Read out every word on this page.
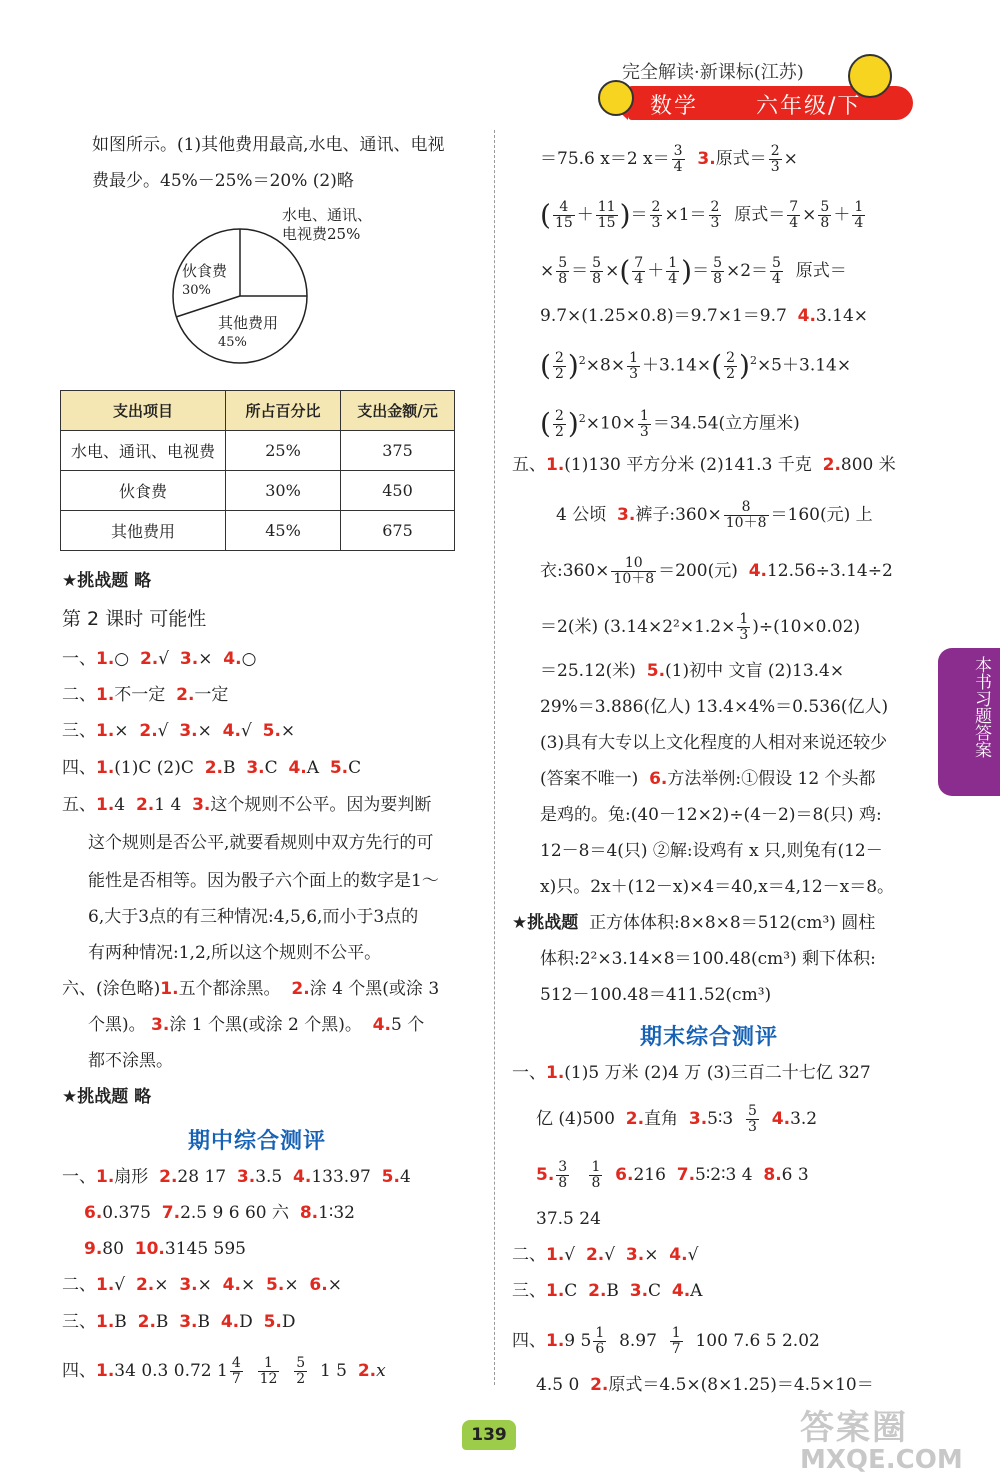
完全解读·新课标(江苏)
数学	六年级/下
如图所示。(1)其他费用最高,水电、通讯、电视
费最少。45%－25%＝20% (2)略
水电、通讯、
电视费25%
伙食费
30%
其他费用
45%
支出项目	所占百分比	支出金额/元
水电、通讯、电视费	25%	375
伙食费	30%	450
其他费用	45%	675
★挑战题 略
第 2 课时 可能性
一、1.○ 2.√ 3.× 4.○
二、1.不一定 2.一定
三、1.× 2.√ 3.× 4.√ 5.×
四、1.(1)C (2)C 2.B 3.C 4.A 5.C
五、1.4 2.1 4 3.这个规则不公平。因为要判断
这个规则是否公平,就要看规则中双方先行的可
能性是否相等。因为骰子六个面上的数字是1～
6,大于3点的有三种情况:4,5,6,而小于3点的
有两种情况:1,2,所以这个规则不公平。
六、(涂色略)1.五个都涂黑。 2.涂 4 个黑(或涂 3
个黑)。 3.涂 1 个黑(或涂 2 个黑)。 4.5 个
都不涂黑。
★挑战题 略
期中综合测评
一、1.扇形 2.28 17 3.3.5 4.133.97 5.4
6.0.375 7.2.5 9 6 60 六 8.1∶32
9.80 10.3145 595
二、1.√ 2.× 3.× 4.× 5.× 6.×
三、1.B 2.B 3.B 4.D 5.D
四、1.34 0.3 0.72 $1 \frac{4}{7}$
$\frac{1}{12}$
$\frac{5}{2} 1$ 5 2.x
＝75.6 x＝2 $x= \frac{3}{4} 3$.原式＝ $\frac{2}{3}$ ×
( $\frac{4}{15} + \frac{11}{15}$ )＝ $\frac{2}{3} \times 1= \frac{2}{3}$ 原式＝ $\frac{7}{4} \times \frac{5}{8} + \frac{1}{4}$
× $\frac{5}{8} = \frac{5}{8}$ ×( $\frac{7}{4} + \frac{1}{4}$ )＝ $\frac{5}{8} \times 2= \frac{5}{4}$ 原式＝
9.7×(1.25×0.8)＝9.7×1＝9.7 4.3.14×
( $\frac{2}{2} )^2\times 8\times \frac{1}{3} +3.14\times( \frac{2}{2} )^2\times 5+3.14\times$
( $\frac{2}{2} )^2\times 10\times \frac{1}{3} =34.54$(立方厘米)
五、1.(1)130 平方分米 (2)141.3 千克 2.800 米
4 公顷 3.裤子:360× $\frac{8}{10+8} =160$(元) 上
衣:360× $\frac{10}{10+8} =200$(元) 4.12.56÷3.14÷2
＝2(米) $(3.14\times 2^2\times 1.2\times \frac{1}{3} )\div(10\times 0.02)$
＝25.12(米) 5.(1)初中 文盲 (2)13.4×
29%＝3.886(亿人) 13.4×4%＝0.536(亿人)
(3)具有大专以上文化程度的人相对来说还较少
(答案不唯一) 6.方法举例:①假设 12 个头都
是鸡的。兔:(40－12×2)÷(4－2)＝8(只) 鸡:
12－8＝4(只) ②解:设鸡有 x 只,则兔有(12－
x)只。2x＋(12－x)×4＝40,x＝4,12－x＝8。
★挑战题 正方体体积:8×8×8＝512(cm³) 圆柱
体积:2²×3.14×8＝100.48(cm³) 剩下体积:
512－100.48＝411.52(cm³)
期末综合测评
一、1.(1)5 万米 (2)4 万 (3)三百二十七亿 327
亿 (4)500 2.直角 3.5∶3 $\frac{5}{3} 4.3.2$
5. $\frac{3}{8}$
$\frac{1}{8} 6.216$ 7.5∶2∶3 4 8.6 3
37.5 24
二、1.√ 2.√ 3.× 4.√
三、1.C 2.B 3.C 4.A
四、1.9 $5 \frac{1}{6} 8.97 \frac{1}{7} 100$ 7.6 5 2.02
4.5 0 2.原式＝4.5×(8×1.25)＝4.5×10＝
本书习题答案
139	答案圈
MXQE.COM
